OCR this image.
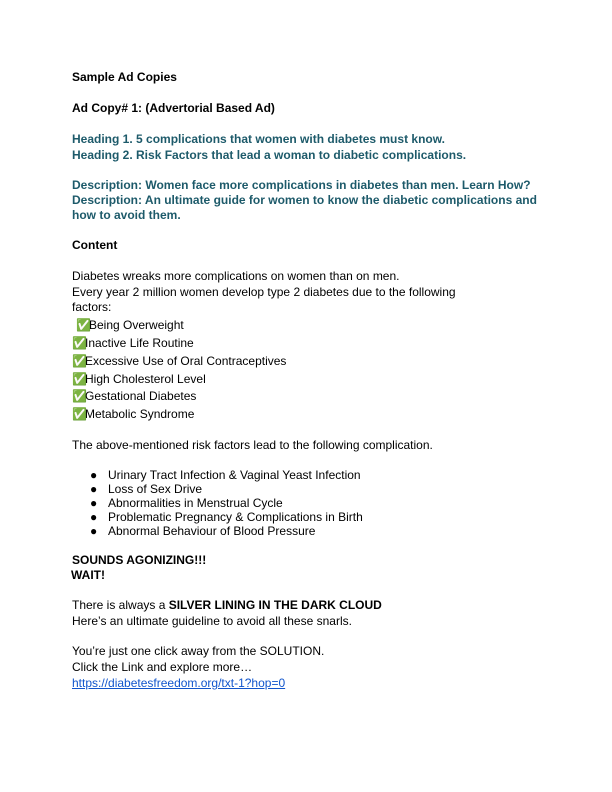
Sample Ad Copies
Ad Copy# 1: (Advertorial Based Ad)
Heading 1. 5 complications that women with diabetes must know.
Heading 2. Risk Factors that lead a woman to diabetic complications.
Description: Women face more complications in diabetes than men. Learn How?
Description: An ultimate guide for women to know the diabetic complications and
how to avoid them.
Content
Diabetes wreaks more complications on women than on men.
Every year 2 million women develop type 2 diabetes due to the following
factors:
✅Being Overweight
✅Inactive Life Routine
✅Excessive Use of Oral Contraceptives
✅High Cholesterol Level
✅Gestational Diabetes
✅Metabolic Syndrome
The above-mentioned risk factors lead to the following complication.
● Urinary Tract Infection & Vaginal Yeast Infection
● Loss of Sex Drive
● Abnormalities in Menstrual Cycle
● Problematic Pregnancy & Complications in Birth
● Abnormal Behaviour of Blood Pressure
SOUNDS AGONIZING!!!
WAIT!
There is always a SILVER LINING IN THE DARK CLOUD
Here’s an ultimate guideline to avoid all these snarls.
You’re just one click away from the SOLUTION.
Click the Link and explore more…
https://diabetesfreedom.org/txt-1?hop=0
